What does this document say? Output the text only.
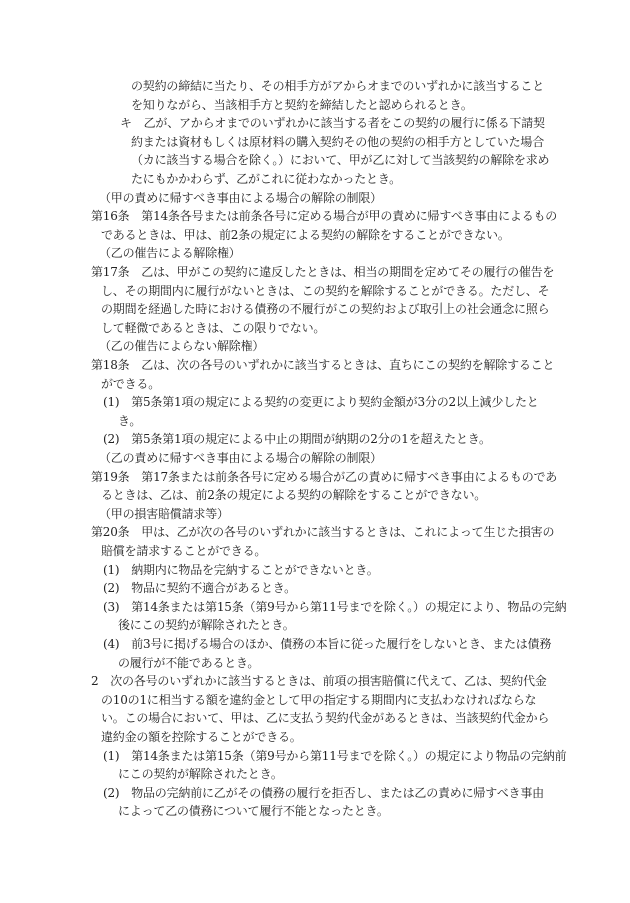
の契約の締結に当たり、その相手方がアからオまでのいずれかに該当すること
を知りながら、当該相手方と契約を締結したと認められるとき。
キ　乙が、アからオまでのいずれかに該当する者をこの契約の履行に係る下請契
約または資材もしくは原材料の購入契約その他の契約の相手方としていた場合
（カに該当する場合を除く。）において、甲が乙に対して当該契約の解除を求め
たにもかかわらず、乙がこれに従わなかったとき。
（甲の責めに帰すべき事由による場合の解除の制限）
第16条　第14条各号または前条各号に定める場合が甲の責めに帰すべき事由によるもの
であるときは、甲は、前2条の規定による契約の解除をすることができない。
（乙の催告による解除権）
第17条　乙は、甲がこの契約に違反したときは、相当の期間を定めてその履行の催告を
し、その期間内に履行がないときは、この契約を解除することができる。ただし、そ
の期間を経過した時における債務の不履行がこの契約および取引上の社会通念に照ら
して軽微であるときは、この限りでない。
（乙の催告によらない解除権）
第18条　乙は、次の各号のいずれかに該当するときは、直ちにこの契約を解除すること
ができる。
(1)　第5条第1項の規定による契約の変更により契約金額が3分の2以上減少したと
き。
(2)　第5条第1項の規定による中止の期間が納期の2分の1を超えたとき。
（乙の責めに帰すべき事由による場合の解除の制限）
第19条　第17条または前条各号に定める場合が乙の責めに帰すべき事由によるものであ
るときは、乙は、前2条の規定による契約の解除をすることができない。
（甲の損害賠償請求等）
第20条　甲は、乙が次の各号のいずれかに該当するときは、これによって生じた損害の
賠償を請求することができる。
(1)　納期内に物品を完納することができないとき。
(2)　物品に契約不適合があるとき。
(3)　第14条または第15条（第9号から第11号までを除く。）の規定により、物品の完納
後にこの契約が解除されたとき。
(4)　前3号に掲げる場合のほか、債務の本旨に従った履行をしないとき、または債務
の履行が不能であるとき。
2　次の各号のいずれかに該当するときは、前項の損害賠償に代えて、乙は、契約代金
の10の1に相当する額を違約金として甲の指定する期間内に支払わなければならな
い。この場合において、甲は、乙に支払う契約代金があるときは、当該契約代金から
違約金の額を控除することができる。
(1)　第14条または第15条（第9号から第11号までを除く。）の規定により物品の完納前
にこの契約が解除されたとき。
(2)　物品の完納前に乙がその債務の履行を拒否し、または乙の責めに帰すべき事由
によって乙の債務について履行不能となったとき。
